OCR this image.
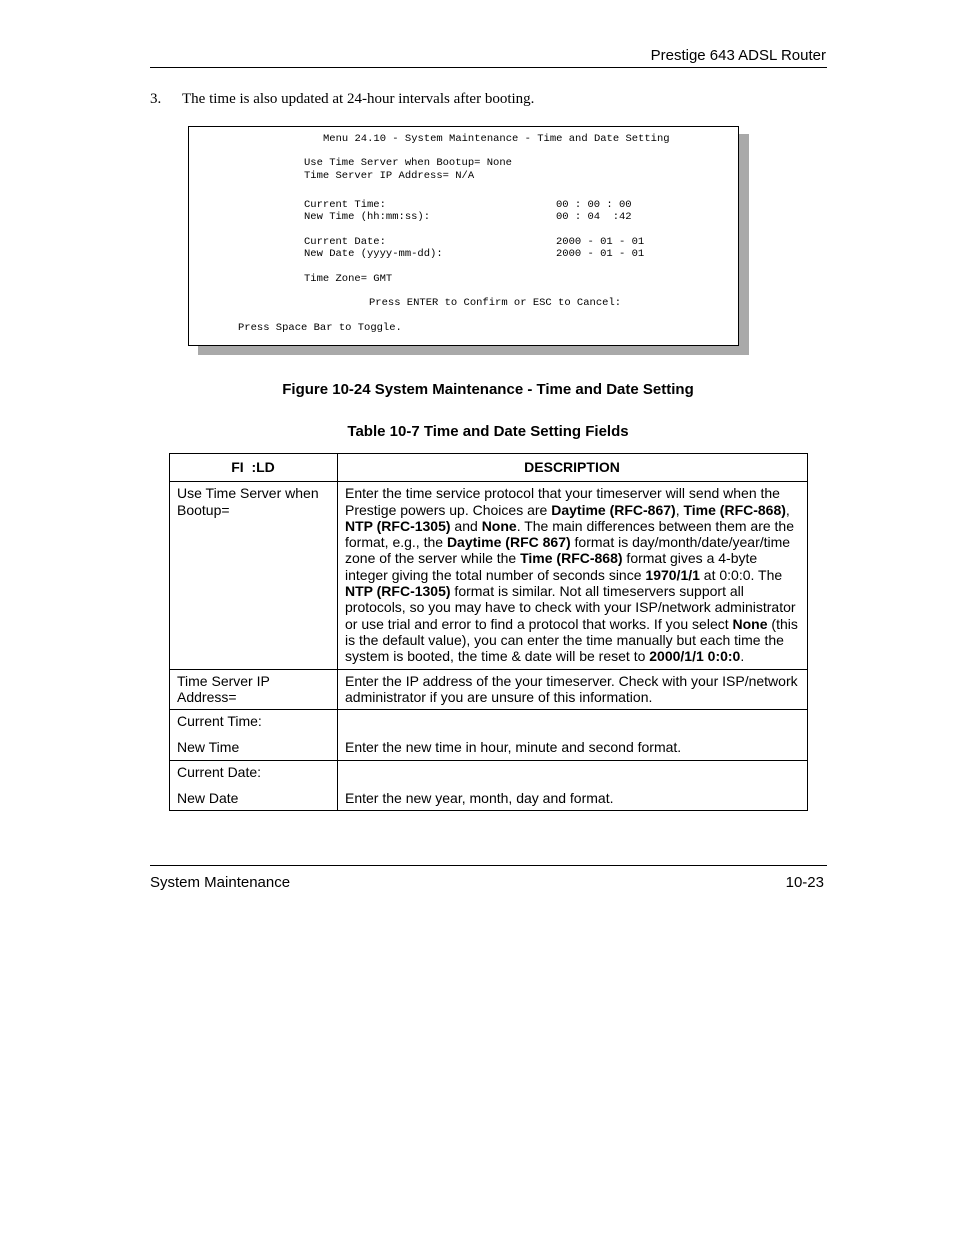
Prestige 643 ADSL Router
3. The time is also updated at 24-hour intervals after booting.
Menu 24.10 - System Maintenance - Time and Date Setting
Use Time Server when Bootup= None
Time Server IP Address= N/A
Current Time:	00 : 00 : 00
New Time (hh:mm:ss):	00 : 04  :42
Current Date:	2000 - 01 - 01
New Date (yyyy-mm-dd):	2000 - 01 - 01
Time Zone= GMT
Press ENTER to Confirm or ESC to Cancel:
Press Space Bar to Toggle.
Figure 10-24 System Maintenance - Time and Date Setting
Table 10-7 Time and Date Setting Fields
FI  :LD	DESCRIPTION
Use Time Server when Bootup=	Enter the time service protocol that your timeserver will send when the Prestige powers up. Choices are Daytime (RFC-867), Time (RFC-868), NTP (RFC-1305) and None. The main differences between them are the format, e.g., the Daytime (RFC 867) format is day/month/date/year/time zone of the server while the Time (RFC-868) format gives a 4-byte integer giving the total number of seconds since 1970/1/1 at 0:0:0. The NTP (RFC-1305) format is similar. Not all timeservers support all protocols, so you may have to check with your ISP/network administrator or use trial and error to find a protocol that works. If you select None (this is the default value), you can enter the time manually but each time the system is booted, the time & date will be reset to 2000/1/1 0:0:0.
Time Server IP Address=	Enter the IP address of the your timeserver. Check with your ISP/network administrator if you are unsure of this information.
Current Time:
New Time	Enter the new time in hour, minute and second format.
Current Date:
New Date	Enter the new year, month, day and format.
System Maintenance	10-23
